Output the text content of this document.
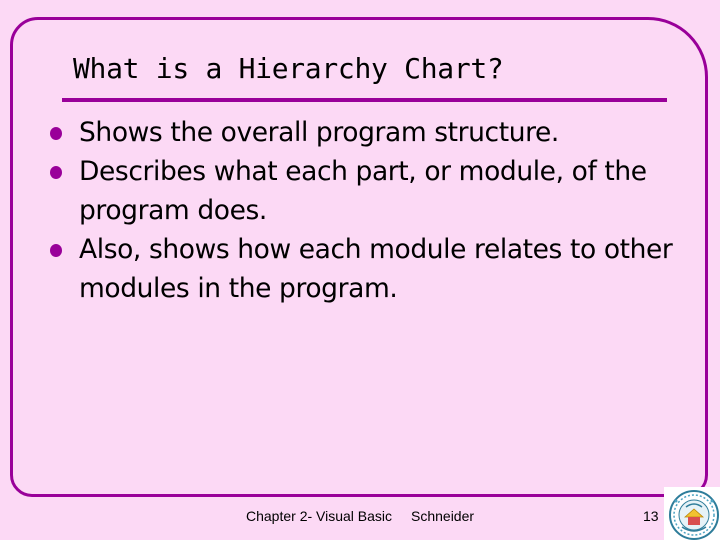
What is a Hierarchy Chart?
Shows the overall program structure.
Describes what each part, or module, of the program does.
Also, shows how each module relates to other modules in the program.
Chapter 2- Visual Basic Schneider	13
